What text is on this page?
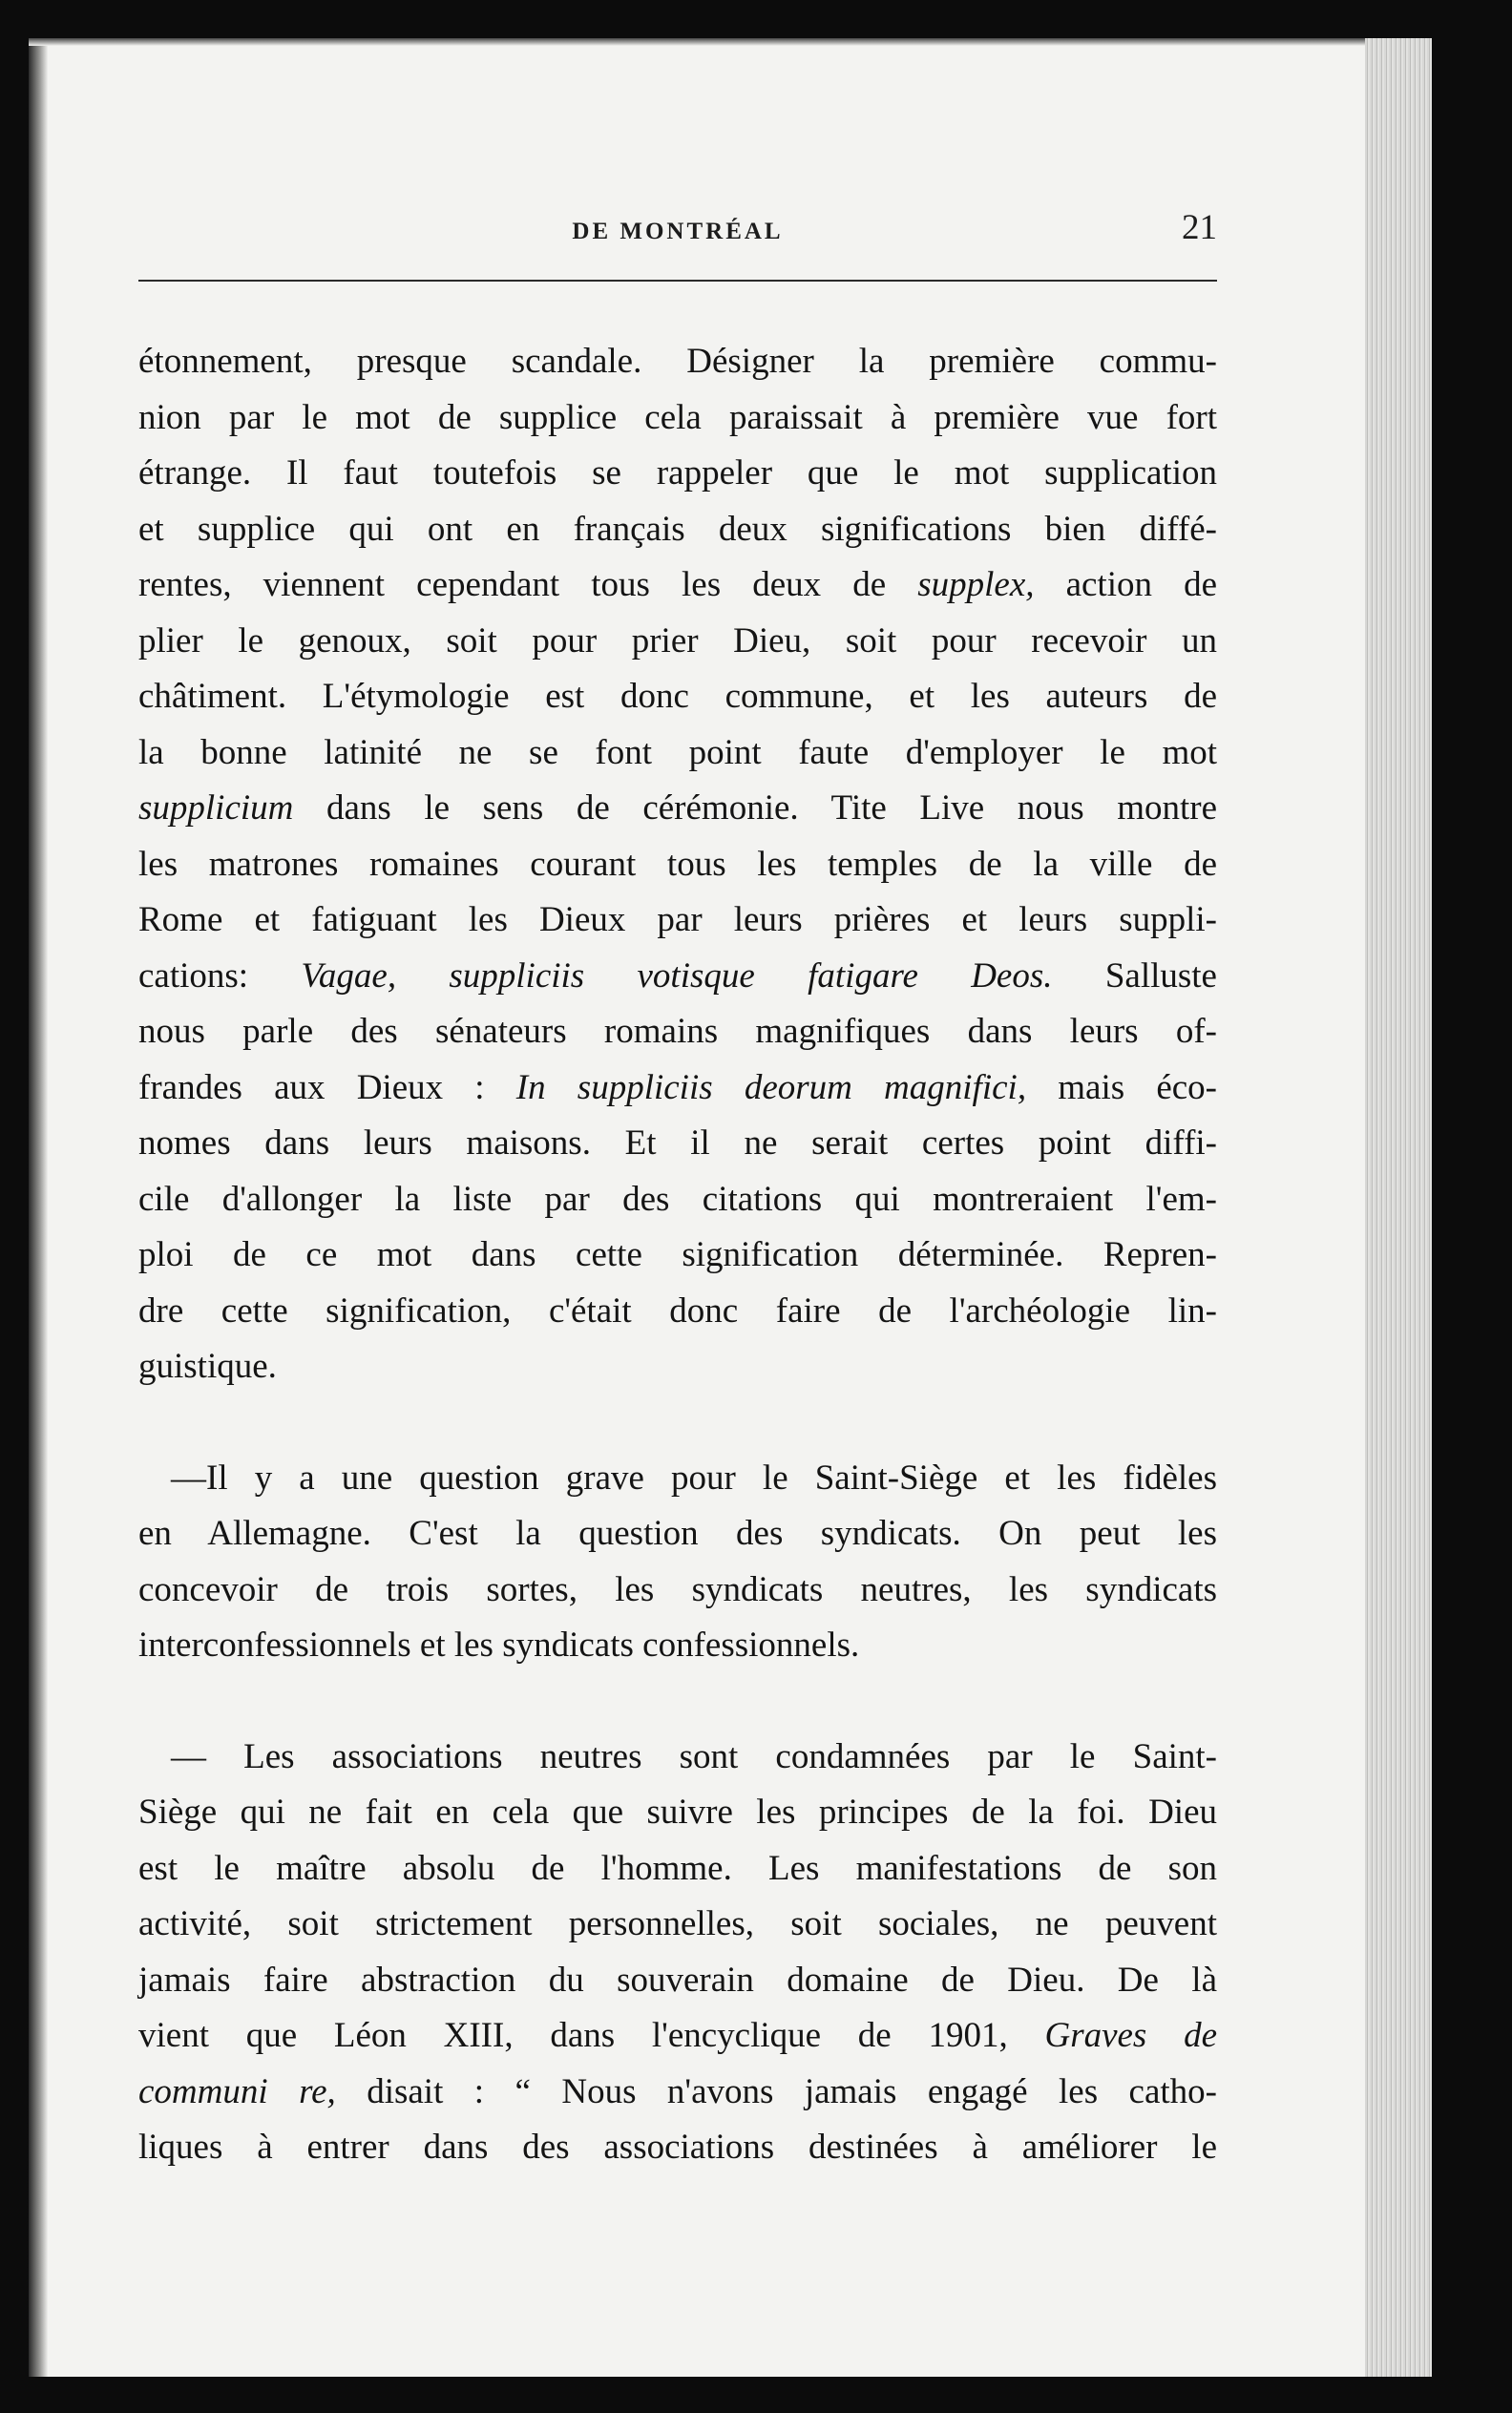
DE MONTRÉAL	21
étonnement, presque scandale. Désigner la première commu-
nion par le mot de supplice cela paraissait à première vue fort
étrange. Il faut toutefois se rappeler que le mot supplication
et supplice qui ont en français deux significations bien diffé-
rentes, viennent cependant tous les deux de supplex, action de
plier le genoux, soit pour prier Dieu, soit pour recevoir un
châtiment. L'étymologie est donc commune, et les auteurs de
la bonne latinité ne se font point faute d'employer le mot
supplicium dans le sens de cérémonie. Tite Live nous montre
les matrones romaines courant tous les temples de la ville de
Rome et fatiguant les Dieux par leurs prières et leurs suppli-
cations: Vagae, suppliciis votisque fatigare Deos. Salluste
nous parle des sénateurs romains magnifiques dans leurs of-
frandes aux Dieux : In suppliciis deorum magnifici, mais éco-
nomes dans leurs maisons. Et il ne serait certes point diffi-
cile d'allonger la liste par des citations qui montreraient l'em-
ploi de ce mot dans cette signification déterminée. Repren-
dre cette signification, c'était donc faire de l'archéologie lin-
guistique.
—Il y a une question grave pour le Saint-Siège et les fidèles
en Allemagne. C'est la question des syndicats. On peut les
concevoir de trois sortes, les syndicats neutres, les syndicats
interconfessionnels et les syndicats confessionnels.
— Les associations neutres sont condamnées par le Saint-
Siège qui ne fait en cela que suivre les principes de la foi. Dieu
est le maître absolu de l'homme. Les manifestations de son
activité, soit strictement personnelles, soit sociales, ne peuvent
jamais faire abstraction du souverain domaine de Dieu. De là
vient que Léon XIII, dans l'encyclique de 1901, Graves de
communi re, disait : “ Nous n'avons jamais engagé les catho-
liques à entrer dans des associations destinées à améliorer le
